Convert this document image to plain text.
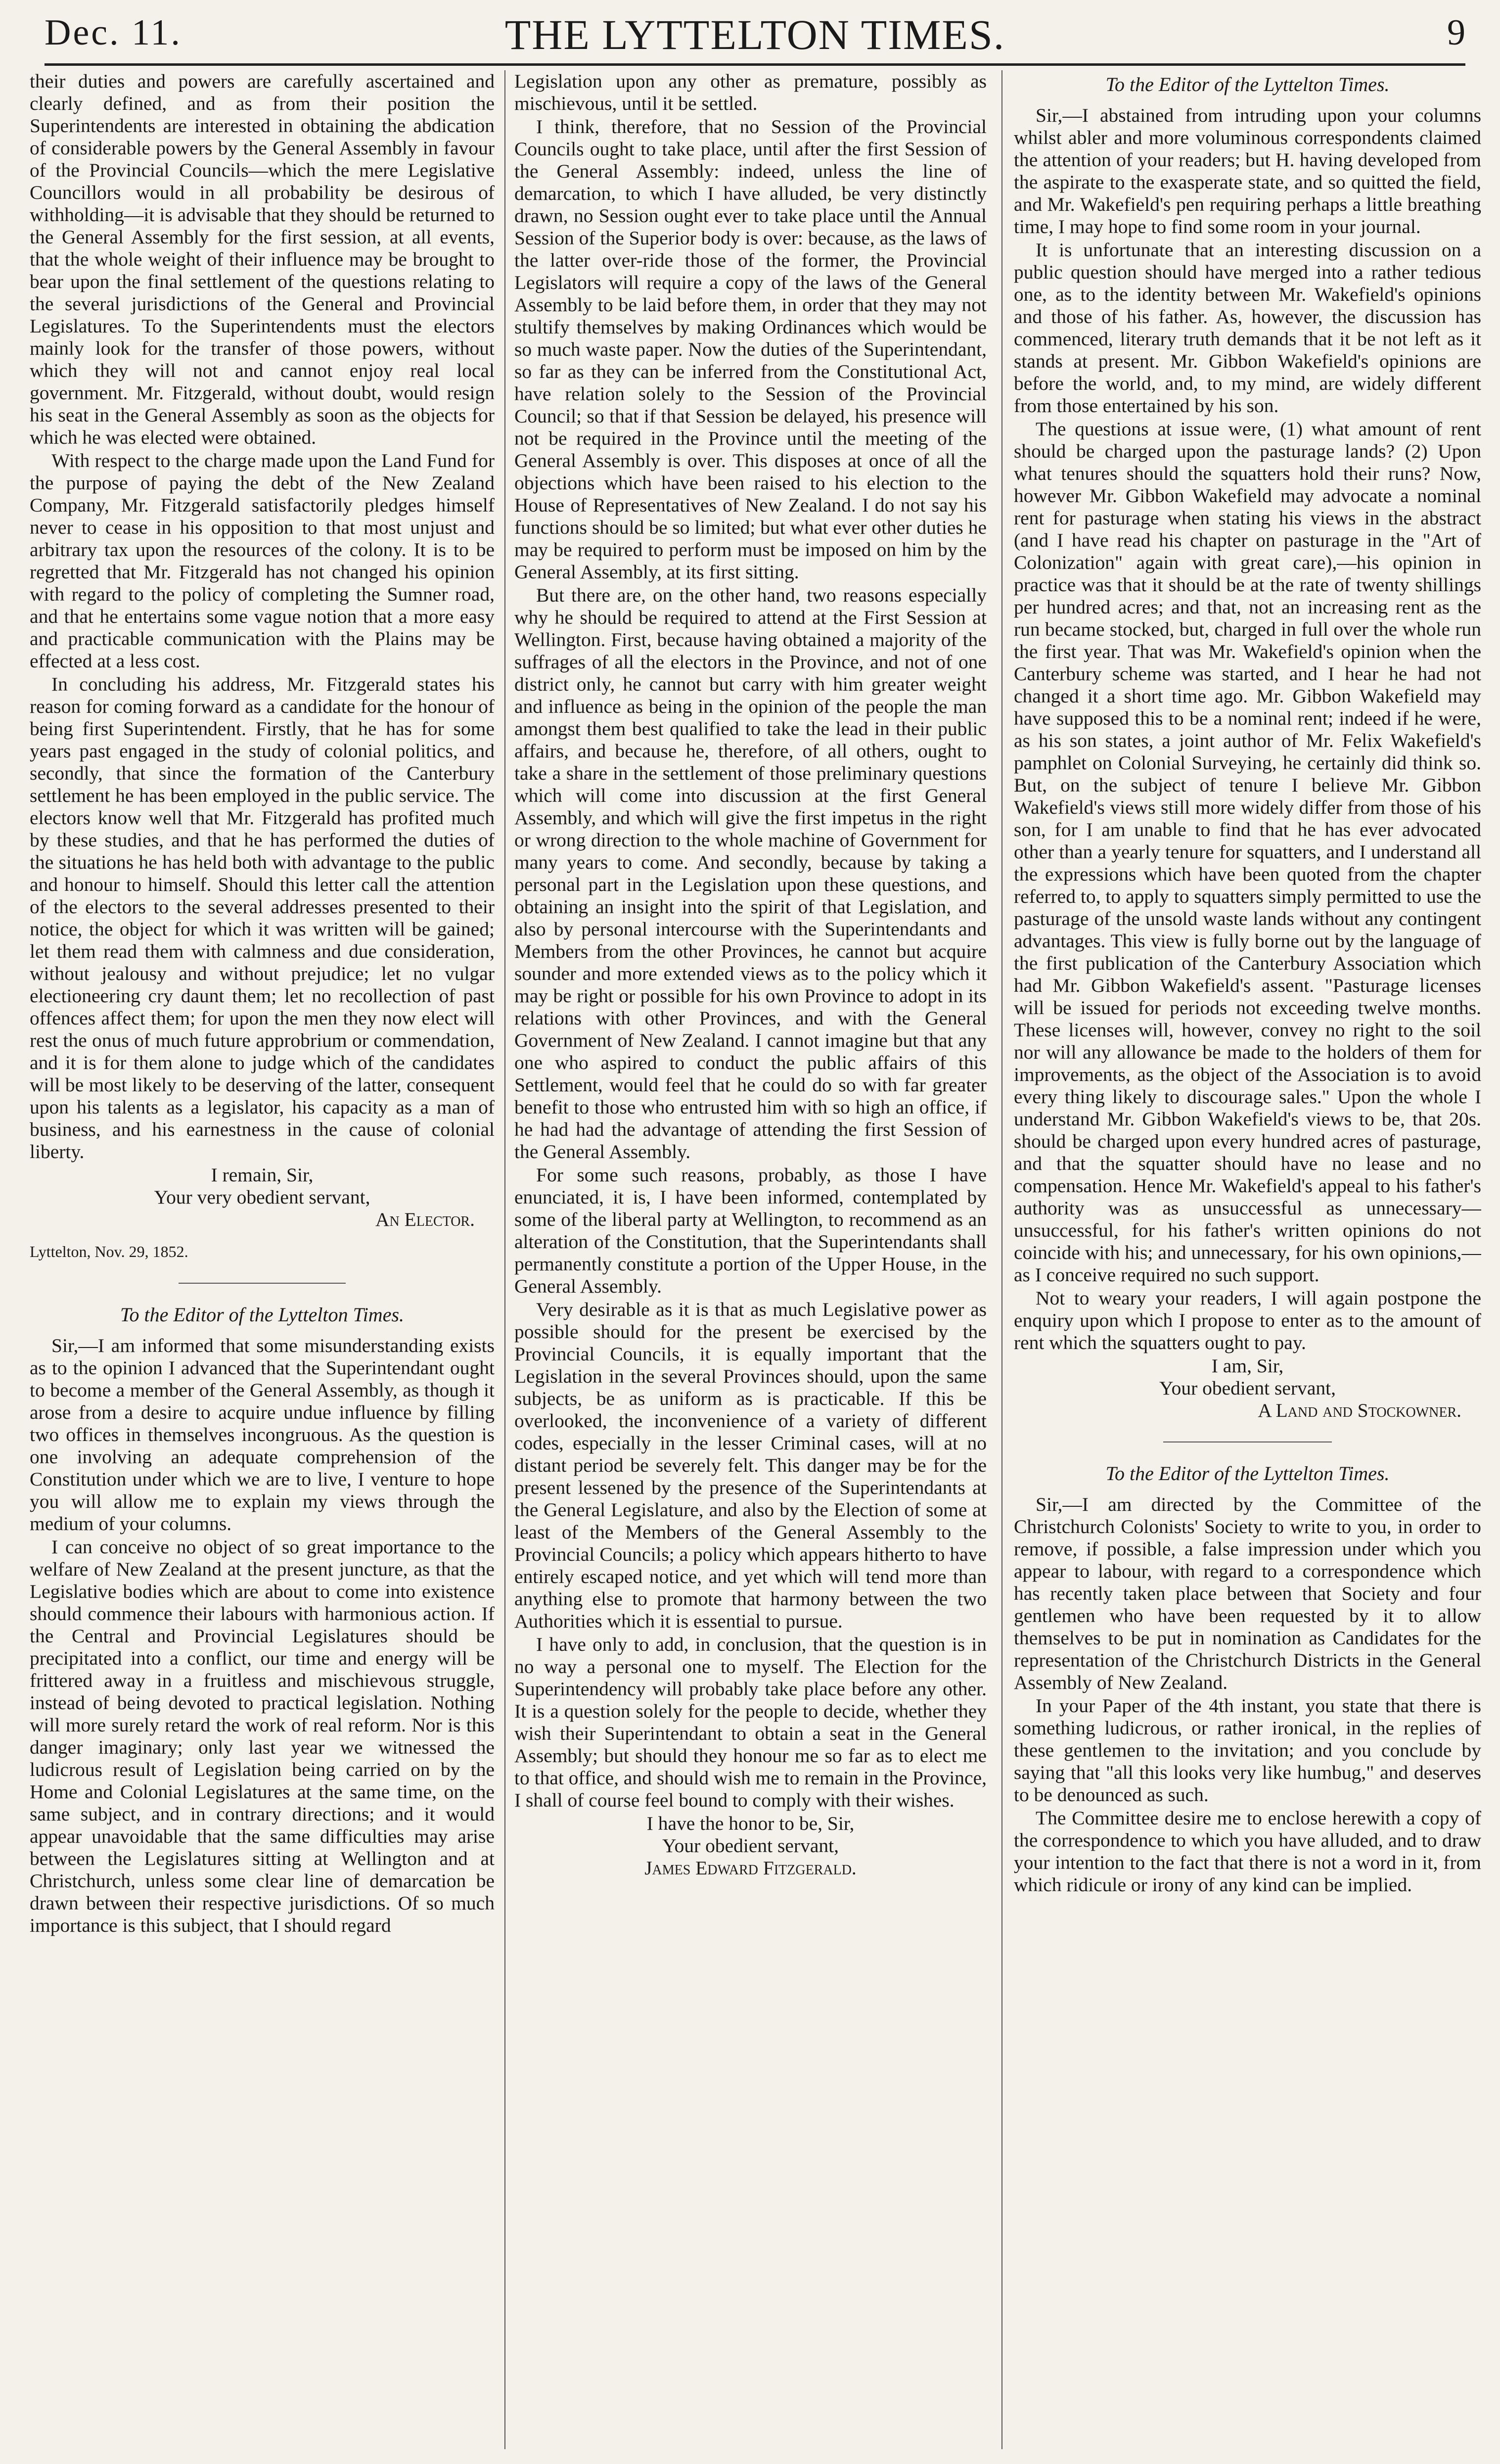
Dec. 11.	THE LYTTELTON TIMES.	9

their duties and powers are carefully ascertained and clearly defined, and as from their position the Superintendents are interested in obtaining the abdication of considerable powers by the General Assembly in favour of the Provincial Councils—which the mere Legislative Councillors would in all probability be desirous of withholding—it is advisable that they should be returned to the General Assembly for the first session, at all events, that the whole weight of their influence may be brought to bear upon the final settlement of the questions relating to the several jurisdictions of the General and Provincial Legislatures. To the Superintendents must the electors mainly look for the transfer of those powers, without which they will not and cannot enjoy real local government. Mr. Fitzgerald, without doubt, would resign his seat in the General Assembly as soon as the objects for which he was elected were obtained.

With respect to the charge made upon the Land Fund for the purpose of paying the debt of the New Zealand Company, Mr. Fitzgerald satisfactorily pledges himself never to cease in his opposition to that most unjust and arbitrary tax upon the resources of the colony. It is to be regretted that Mr. Fitzgerald has not changed his opinion with regard to the policy of completing the Sumner road, and that he entertains some vague notion that a more easy and practicable communication with the Plains may be effected at a less cost.

In concluding his address, Mr. Fitzgerald states his reason for coming forward as a candidate for the honour of being first Superintendent. Firstly, that he has for some years past engaged in the study of colonial politics, and secondly, that since the formation of the Canterbury settlement he has been employed in the public service. The electors know well that Mr. Fitzgerald has profited much by these studies, and that he has performed the duties of the situations he has held both with advantage to the public and honour to himself. Should this letter call the attention of the electors to the several addresses presented to their notice, the object for which it was written will be gained; let them read them with calmness and due consideration, without jealousy and without prejudice; let no vulgar electioneering cry daunt them; let no recollection of past offences affect them; for upon the men they now elect will rest the onus of much future approbrium or commendation, and it is for them alone to judge which of the candidates will be most likely to be deserving of the latter, consequent upon his talents as a legislator, his capacity as a man of business, and his earnestness in the cause of colonial liberty.

I remain, Sir,

Your very obedient servant,

An Elector.

Lyttelton, Nov. 29, 1852.

To the Editor of the Lyttelton Times.

Sir,—I am informed that some misunderstanding exists as to the opinion I advanced that the Superintendant ought to become a member of the General Assembly, as though it arose from a desire to acquire undue influence by filling two offices in themselves incongruous. As the question is one involving an adequate comprehension of the Constitution under which we are to live, I venture to hope you will allow me to explain my views through the medium of your columns.

I can conceive no object of so great importance to the welfare of New Zealand at the present juncture, as that the Legislative bodies which are about to come into existence should commence their labours with harmonious action. If the Central and Provincial Legislatures should be precipitated into a conflict, our time and energy will be frittered away in a fruitless and mischievous struggle, instead of being devoted to practical legislation. Nothing will more surely retard the work of real reform. Nor is this danger imaginary; only last year we witnessed the ludicrous result of Legislation being carried on by the Home and Colonial Legislatures at the same time, on the same subject, and in contrary directions; and it would appear unavoidable that the same difficulties may arise between the Legislatures sitting at Wellington and at Christchurch, unless some clear line of demarcation be drawn between their respective jurisdictions. Of so much importance is this subject, that I should regard

Legislation upon any other as premature, possibly as mischievous, until it be settled.

I think, therefore, that no Session of the Provincial Councils ought to take place, until after the first Session of the General Assembly: indeed, unless the line of demarcation, to which I have alluded, be very distinctly drawn, no Session ought ever to take place until the Annual Session of the Superior body is over: because, as the laws of the latter over-ride those of the former, the Provincial Legislators will require a copy of the laws of the General Assembly to be laid before them, in order that they may not stultify themselves by making Ordinances which would be so much waste paper. Now the duties of the Superintendant, so far as they can be inferred from the Constitutional Act, have relation solely to the Session of the Provincial Council; so that if that Session be delayed, his presence will not be required in the Province until the meeting of the General Assembly is over. This disposes at once of all the objections which have been raised to his election to the House of Representatives of New Zealand. I do not say his functions should be so limited; but what ever other duties he may be required to perform must be imposed on him by the General Assembly, at its first sitting.

But there are, on the other hand, two reasons especially why he should be required to attend at the First Session at Wellington. First, because having obtained a majority of the suffrages of all the electors in the Province, and not of one district only, he cannot but carry with him greater weight and influence as being in the opinion of the people the man amongst them best qualified to take the lead in their public affairs, and because he, therefore, of all others, ought to take a share in the settlement of those preliminary questions which will come into discussion at the first General Assembly, and which will give the first impetus in the right or wrong direction to the whole machine of Government for many years to come. And secondly, because by taking a personal part in the Legislation upon these questions, and obtaining an insight into the spirit of that Legislation, and also by personal intercourse with the Superintendants and Members from the other Provinces, he cannot but acquire sounder and more extended views as to the policy which it may be right or possible for his own Province to adopt in its relations with other Provinces, and with the General Government of New Zealand. I cannot imagine but that any one who aspired to conduct the public affairs of this Settlement, would feel that he could do so with far greater benefit to those who entrusted him with so high an office, if he had had the advantage of attending the first Session of the General Assembly.

For some such reasons, probably, as those I have enunciated, it is, I have been informed, contemplated by some of the liberal party at Wellington, to recommend as an alteration of the Constitution, that the Superintendants shall permanently constitute a portion of the Upper House, in the General Assembly.

Very desirable as it is that as much Legislative power as possible should for the present be exercised by the Provincial Councils, it is equally important that the Legislation in the several Provinces should, upon the same subjects, be as uniform as is practicable. If this be overlooked, the inconvenience of a variety of different codes, especially in the lesser Criminal cases, will at no distant period be severely felt. This danger may be for the present lessened by the presence of the Superintendants at the General Legislature, and also by the Election of some at least of the Members of the General Assembly to the Provincial Councils; a policy which appears hitherto to have entirely escaped notice, and yet which will tend more than anything else to promote that harmony between the two Authorities which it is essential to pursue.

I have only to add, in conclusion, that the question is in no way a personal one to myself. The Election for the Superintendency will probably take place before any other. It is a question solely for the people to decide, whether they wish their Superintendant to obtain a seat in the General Assembly; but should they honour me so far as to elect me to that office, and should wish me to remain in the Province, I shall of course feel bound to comply with their wishes.

I have the honor to be, Sir,

Your obedient servant,

James Edward Fitzgerald.

To the Editor of the Lyttelton Times.

Sir,—I abstained from intruding upon your columns whilst abler and more voluminous correspondents claimed the attention of your readers; but H. having developed from the aspirate to the exasperate state, and so quitted the field, and Mr. Wakefield's pen requiring perhaps a little breathing time, I may hope to find some room in your journal.

It is unfortunate that an interesting discussion on a public question should have merged into a rather tedious one, as to the identity between Mr. Wakefield's opinions and those of his father. As, however, the discussion has commenced, literary truth demands that it be not left as it stands at present. Mr. Gibbon Wakefield's opinions are before the world, and, to my mind, are widely different from those entertained by his son.

The questions at issue were, (1) what amount of rent should be charged upon the pasturage lands? (2) Upon what tenures should the squatters hold their runs? Now, however Mr. Gibbon Wakefield may advocate a nominal rent for pasturage when stating his views in the abstract (and I have read his chapter on pasturage in the "Art of Colonization" again with great care),—his opinion in practice was that it should be at the rate of twenty shillings per hundred acres; and that, not an increasing rent as the run became stocked, but, charged in full over the whole run the first year. That was Mr. Wakefield's opinion when the Canterbury scheme was started, and I hear he had not changed it a short time ago. Mr. Gibbon Wakefield may have supposed this to be a nominal rent; indeed if he were, as his son states, a joint author of Mr. Felix Wakefield's pamphlet on Colonial Surveying, he certainly did think so. But, on the subject of tenure I believe Mr. Gibbon Wakefield's views still more widely differ from those of his son, for I am unable to find that he has ever advocated other than a yearly tenure for squatters, and I understand all the expressions which have been quoted from the chapter referred to, to apply to squatters simply permitted to use the pasturage of the unsold waste lands without any contingent advantages. This view is fully borne out by the language of the first publication of the Canterbury Association which had Mr. Gibbon Wakefield's assent. "Pasturage licenses will be issued for periods not exceeding twelve months. These licenses will, however, convey no right to the soil nor will any allowance be made to the holders of them for improvements, as the object of the Association is to avoid every thing likely to discourage sales." Upon the whole I understand Mr. Gibbon Wakefield's views to be, that 20s. should be charged upon every hundred acres of pasturage, and that the squatter should have no lease and no compensation. Hence Mr. Wakefield's appeal to his father's authority was as unsuccessful as unnecessary—unsuccessful, for his father's written opinions do not coincide with his; and unnecessary, for his own opinions,—as I conceive required no such support.

Not to weary your readers, I will again postpone the enquiry upon which I propose to enter as to the amount of rent which the squatters ought to pay.

I am, Sir,

Your obedient servant,

A Land and Stockowner.

To the Editor of the Lyttelton Times.

Sir,—I am directed by the Committee of the Christchurch Colonists' Society to write to you, in order to remove, if possible, a false impression under which you appear to labour, with regard to a correspondence which has recently taken place between that Society and four gentlemen who have been requested by it to allow themselves to be put in nomination as Candidates for the representation of the Christchurch Districts in the General Assembly of New Zealand.

In your Paper of the 4th instant, you state that there is something ludicrous, or rather ironical, in the replies of these gentlemen to the invitation; and you conclude by saying that "all this looks very like humbug," and deserves to be denounced as such.

The Committee desire me to enclose herewith a copy of the correspondence to which you have alluded, and to draw your intention to the fact that there is not a word in it, from which ridicule or irony of any kind can be implied.
